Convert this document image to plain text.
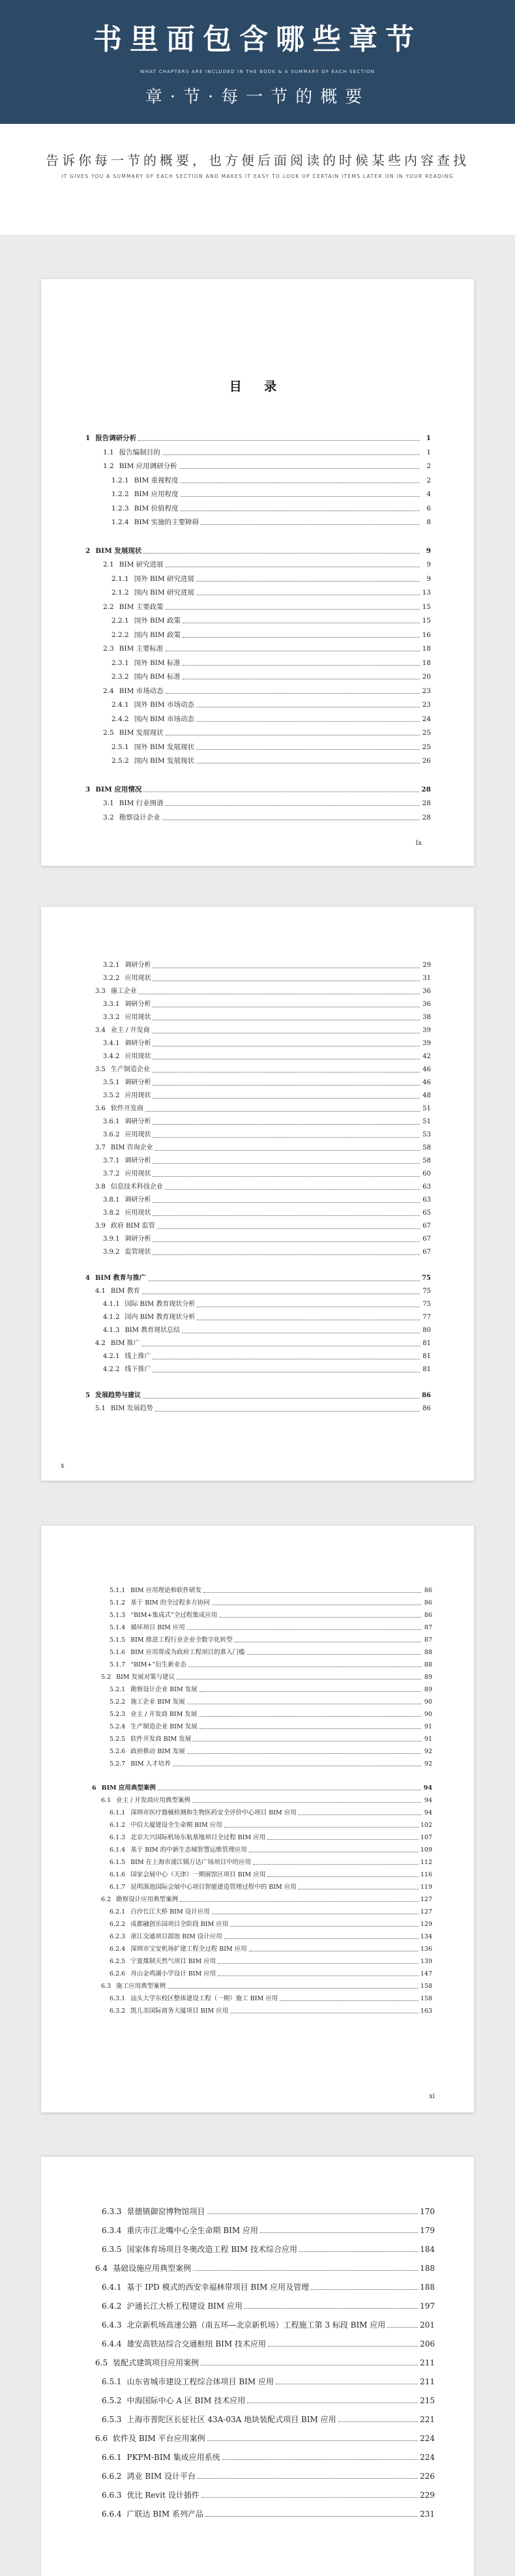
书里面包含哪些章节
WHAT CHAPTERS ARE INCLUDED IN THE BOOK & A SUMMARY OF EACH SECTION
章·节·每一节的概要
告诉你每一节的概要，也方便后面阅读的时候某些内容查找
IT GIVES YOU A SUMMARY OF EACH SECTION AND MAKES IT EASY TO LOOK UP CERTAIN ITEMS LATER ON IN YOUR READING
目 录
1 报告调研分析	1
1.1 报告编制目的	1
1.2 BIM 应用调研分析	2
1.2.1 BIM 重视程度	2
1.2.2 BIM 应用程度	4
1.2.3 BIM 价值程度	6
1.2.4 BIM 实施的主要障碍	8
2 BIM 发展现状	9
2.1 BIM 研究进展	9
2.1.1 国外 BIM 研究进展	9
2.1.2 国内 BIM 研究进展	13
2.2 BIM 主要政策	15
2.2.1 国外 BIM 政策	15
2.2.2 国内 BIM 政策	16
2.3 BIM 主要标准	18
2.3.1 国外 BIM 标准	18
2.3.2 国内 BIM 标准	20
2.4 BIM 市场动态	23
2.4.1 国外 BIM 市场动态	23
2.4.2 国内 BIM 市场动态	24
2.5 BIM 发展现状	25
2.5.1 国外 BIM 发展现状	25
2.5.2 国内 BIM 发展现状	26
3 BIM 应用情况	28
3.1 BIM 行业图谱	28
3.2 勘察设计企业	28
Ix
3.2.1 调研分析	29
3.2.2 应用现状	31
3.3 施工企业	36
3.3.1 调研分析	36
3.3.2 应用现状	38
3.4 业主 / 开发商	39
3.4.1 调研分析	39
3.4.2 应用现状	42
3.5 生产制造企业	46
3.5.1 调研分析	46
3.5.2 应用现状	48
3.6 软件开发商	51
3.6.1 调研分析	51
3.6.2 应用现状	53
3.7 BIM 咨询企业	58
3.7.1 调研分析	58
3.7.2 应用现状	60
3.8 信息技术科技企业	63
3.8.1 调研分析	63
3.8.2 应用现状	65
3.9 政府 BIM 监管	67
3.9.1 调研分析	67
3.9.2 监管现状	67
4 BIM 教育与推广	75
4.1 BIM 教育	75
4.1.1 国际 BIM 教育现状分析	75
4.1.2 国内 BIM 教育现状分析	77
4.1.3 BIM 教育现状总结	80
4.2 BIM 推广	81
4.2.1 线上推广	81
4.2.2 线下推广	81
5 发展趋势与建议	86
5.1 BIM 发展趋势	86
x
5.1.1 BIM 应用理论和软件研发	86
5.1.2 基于 BIM 的全过程多方协同	86
5.1.3 “BIM+集成式”全过程集成应用	86
5.1.4 循环项目 BIM 应用	87
5.1.5 BIM 推进工程行业企业全数字化转型	87
5.1.6 BIM 应用将成为政府工程项目的准入门槛	88
5.1.7 “BIM+”衍生新业态	88
5.2 BIM 发展对策与建议	89
5.2.1 勘察设计企业 BIM 发展	89
5.2.2 施工企业 BIM 发展	90
5.2.3 业主 / 开发商 BIM 发展	90
5.2.4 生产制造企业 BIM 发展	91
5.2.5 软件开发商 BIM 发展	91
5.2.6 政府推动 BIM 发展	92
5.2.7 BIM 人才培养	92
6 BIM 应用典型案例	94
6.1 业主 / 开发商应用典型案例	94
6.1.1 深圳市医疗器械检测和生物医药安全评价中心项目 BIM 应用	94
6.1.2 中信大厦建设全生命期 BIM 应用	102
6.1.3 北京大兴国际机场东航基地项目全过程 BIM 应用	107
6.1.4 基于 BIM 的中新生态城智慧运维管理应用	109
6.1.5 BIM 在上海市浦江镇万达广场项目中的应用	112
6.1.6 国家会展中心（天津）一期展馆区项目 BIM 应用	116
6.1.7 昆明滇池国际会展中心项目智能建造管理过程中的 BIM 应用	119
6.2 勘察设计应用典型案例	127
6.2.1 白沙长江大桥 BIM 设计应用	127
6.2.2 成都融创乐园项目全阶段 BIM 应用	129
6.2.3 浙江交通项目湄池 BIM 设计应用	134
6.2.4 深圳市宝安机场扩建工程全过程 BIM 应用	136
6.2.5 宁夏煤制天然气项目 BIM 应用	139
6.2.6 舟山金鸡湖小学设计 BIM 应用	147
6.3 施工应用典型案例	158
6.3.1 汕头大学东校区整体建设工程（一期）施工 BIM 应用	158
6.3.2 凯儿美国际商务大厦项目 BIM 应用	163
xi
6.3.3 景德镇御窑博物馆项目	170
6.3.4 重庆市江北嘴中心全生命期 BIM 应用	179
6.3.5 国家体育场项目冬奥改造工程 BIM 技术综合应用	184
6.4 基础设施应用典型案例	188
6.4.1 基于 IPD 模式的西安幸福林带项目 BIM 应用及管理	188
6.4.2 沪通长江大桥工程建设 BIM 应用	197
6.4.3 北京新机场高速公路（南五环—北京新机场）工程施工第 3 标段 BIM 应用	201
6.4.4 雄安高铁站综合交通枢纽 BIM 技术应用	206
6.5 装配式建筑项目应用案例	211
6.5.1 山东省城市建设工程综合体项目 BIM 应用	211
6.5.2 中海国际中心 A 区 BIM 技术应用	215
6.5.3 上海市普陀区长征社区 43A-03A 地块装配式项目 BIM 应用	221
6.6 软件及 BIM 平台应用案例	224
6.6.1 PKPM-BIM 集成应用系统	224
6.6.2 鸿业 BIM 设计平台	226
6.6.3 优比 Revit 设计插件	229
6.6.4 广联达 BIM 系列产品	231
